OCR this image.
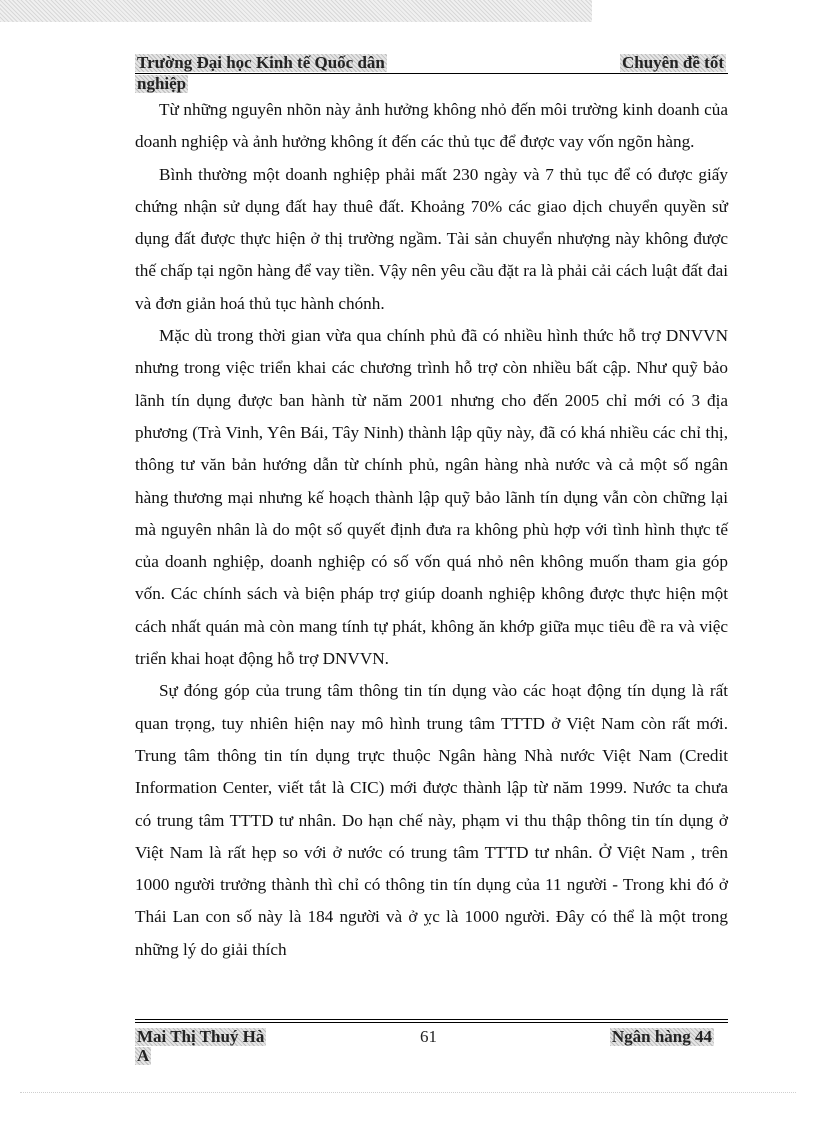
Trường Đại học Kinh tế Quốc dân	Chuyên đề tốt
nghiệp

Từ những nguyên nhõn này ảnh hưởng không nhỏ đến môi trường kinh doanh của doanh nghiệp và ảnh hưởng không ít đến các thủ tục để được vay vốn ngõn hàng.

Bình thường một doanh nghiệp phải mất 230 ngày và 7 thủ tục để có được giấy chứng nhận sử dụng đất hay thuê đất. Khoảng 70% các giao dịch chuyển quyền sử dụng đất được thực hiện ở thị trường ngầm. Tài sản chuyển nhượng này không được thế chấp tại ngõn hàng để vay tiền. Vậy nên yêu cầu đặt ra là phải cải cách luật đất đai và đơn giản hoá thủ tục hành chónh.

Mặc dù trong thời gian vừa qua chính phủ đã có nhiều hình thức hỗ trợ DNVVN nhưng trong việc triển khai các chương trình hỗ trợ còn nhiều bất cập. Như quỹ bảo lãnh tín dụng được ban hành từ năm 2001 nhưng cho đến 2005 chỉ mới có 3 địa phương (Trà Vinh, Yên Bái, Tây Ninh) thành lập qũy này, đã có khá nhiều các chỉ thị, thông tư văn bản hướng dẫn từ chính phủ, ngân hàng nhà nước và cả một số ngân hàng thương mại nhưng kế hoạch thành lập quỹ bảo lãnh tín dụng vẫn còn chững lại mà nguyên nhân là do một số quyết định đưa ra không phù hợp với tình hình thực tế của doanh nghiệp, doanh nghiệp có số vốn quá nhỏ nên không muốn tham gia góp vốn. Các chính sách và biện pháp trợ giúp doanh nghiệp không được thực hiện một cách nhất quán mà còn mang tính tự phát, không ăn khớp giữa mục tiêu đề ra và việc triển khai hoạt động hỗ trợ DNVVN.

Sự đóng góp của trung tâm thông tin tín dụng vào các hoạt động tín dụng là rất quan trọng, tuy nhiên hiện nay mô hình trung tâm TTTD ở Việt Nam còn rất mới. Trung tâm thông tin tín dụng trực thuộc Ngân hàng Nhà nước Việt Nam (Credit Information Center, viết tắt là CIC) mới được thành lập từ năm 1999. Nước ta chưa có trung tâm TTTD tư nhân. Do hạn chế này, phạm vi thu thập thông tin tín dụng ở Việt Nam là rất hẹp so với ở nước có trung tâm TTTD tư nhân. Ở Việt Nam , trên 1000 người trưởng thành thì chỉ có thông tin tín dụng của 11 người - Trong khi đó ở Thái Lan con số này là 184 người và ở ỵc là 1000 người. Đây có thể là một trong những lý do giải thích

Mai Thị Thuý Hà	61	Ngân hàng 44
A
